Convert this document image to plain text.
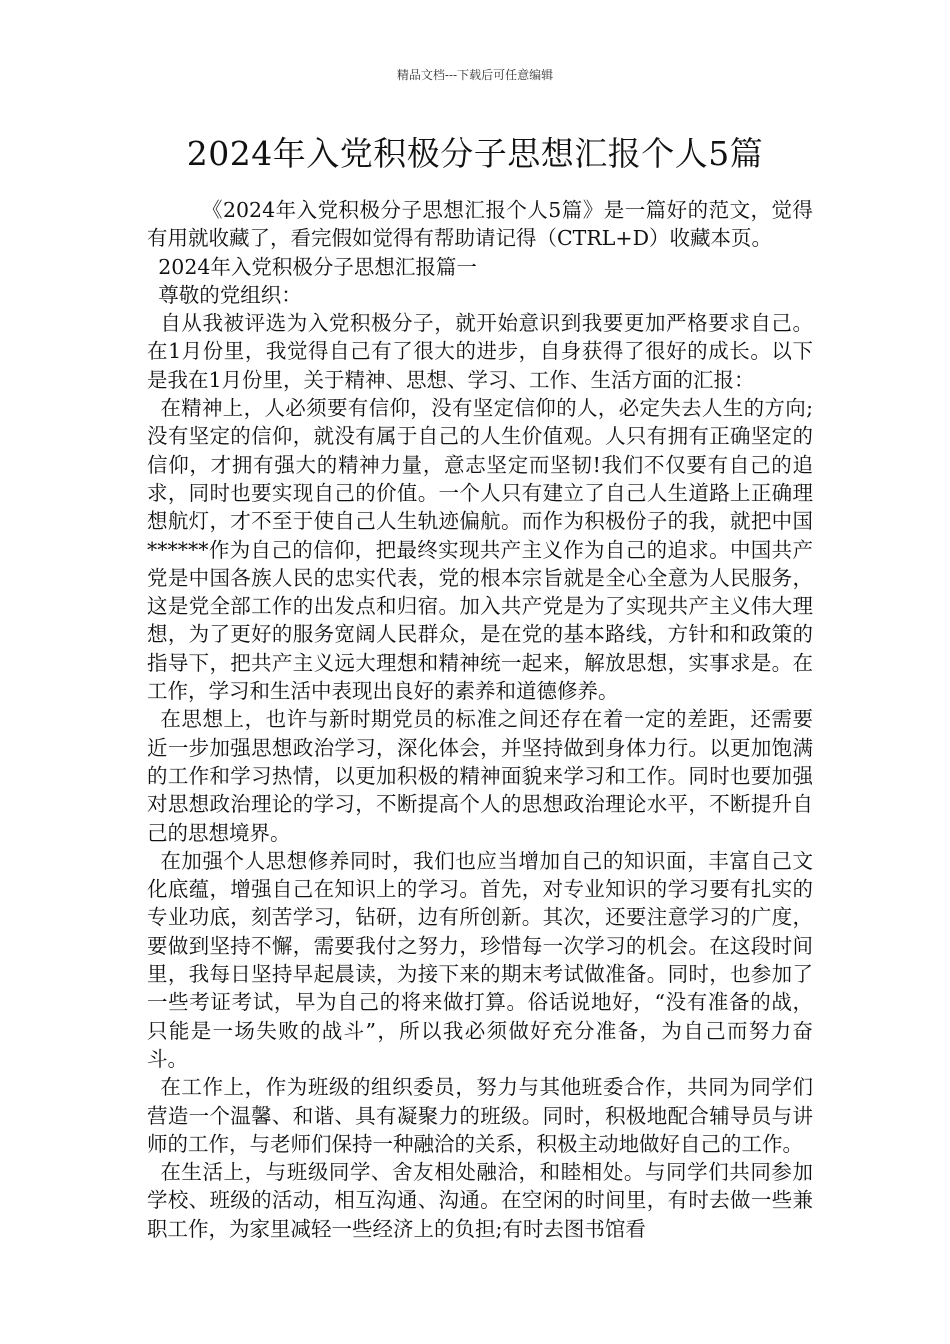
精品文档---下载后可任意编辑
2024年入党积极分子思想汇报个人5篇

《2024年入党积极分子思想汇报个人5篇》是一篇好的范文，觉得有用就收藏了，看完假如觉得有帮助请记得（CTRL+D）收藏本页。

2024年入党积极分子思想汇报篇一

尊敬的党组织：

自从我被评选为入党积极分子，就开始意识到我要更加严格要求自己。在1月份里，我觉得自己有了很大的进步，自身获得了很好的成长。以下是我在1月份里，关于精神、思想、学习、工作、生活方面的汇报：

在精神上，人必须要有信仰，没有坚定信仰的人，必定失去人生的方向;没有坚定的信仰，就没有属于自己的人生价值观。人只有拥有正确坚定的信仰，才拥有强大的精神力量，意志坚定而坚韧!我们不仅要有自己的追求，同时也要实现自己的价值。一个人只有建立了自己人生道路上正确理想航灯，才不至于使自己人生轨迹偏航。而作为积极份子的我，就把中国******作为自己的信仰，把最终实现共产主义作为自己的追求。中国共产党是中国各族人民的忠实代表，党的根本宗旨就是全心全意为人民服务，这是党全部工作的出发点和归宿。加入共产党是为了实现共产主义伟大理想，为了更好的服务宽阔人民群众，是在党的基本路线，方针和和政策的指导下，把共产主义远大理想和精神统一起来，解放思想，实事求是。在工作，学习和生活中表现出良好的素养和道德修养。

在思想上，也许与新时期党员的标准之间还存在着一定的差距，还需要近一步加强思想政治学习，深化体会，并坚持做到身体力行。以更加饱满的工作和学习热情，以更加积极的精神面貌来学习和工作。同时也要加强对思想政治理论的学习，不断提高个人的思想政治理论水平，不断提升自己的思想境界。

在加强个人思想修养同时，我们也应当增加自己的知识面，丰富自己文化底蕴，增强自己在知识上的学习。首先，对专业知识的学习要有扎实的专业功底，刻苦学习，钻研，边有所创新。其次，还要注意学习的广度，要做到坚持不懈，需要我付之努力，珍惜每一次学习的机会。在这段时间里，我每日坚持早起晨读，为接下来的期末考试做准备。同时，也参加了一些考证考试，早为自己的将来做打算。俗话说地好，“没有准备的战，只能是一场失败的战斗”，所以我必须做好充分准备，为自己而努力奋斗。

在工作上，作为班级的组织委员，努力与其他班委合作，共同为同学们营造一个温馨、和谐、具有凝聚力的班级。同时，积极地配合辅导员与讲师的工作，与老师们保持一种融洽的关系，积极主动地做好自己的工作。

在生活上，与班级同学、舍友相处融洽，和睦相处。与同学们共同参加学校、班级的活动，相互沟通、沟通。在空闲的时间里，有时去做一些兼职工作，为家里减轻一些经济上的负担;有时去图书馆看
